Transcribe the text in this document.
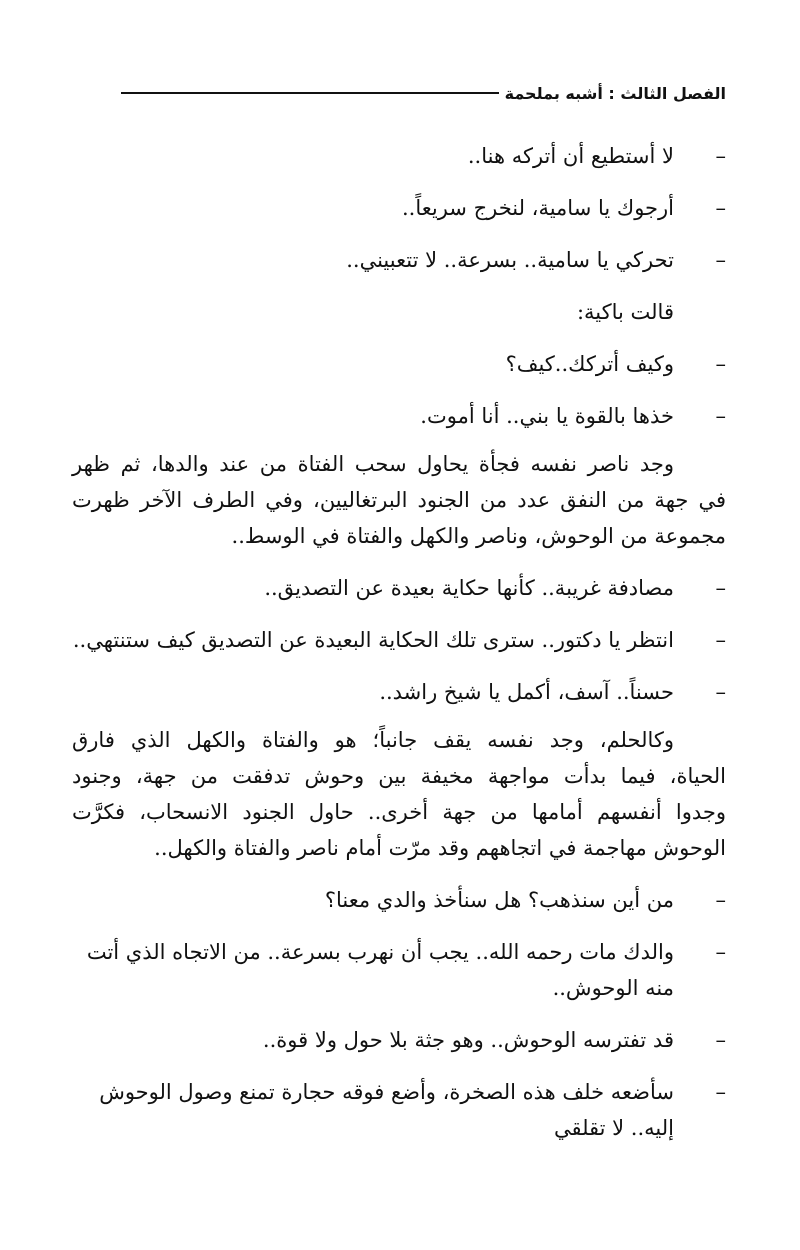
الفصل الثالث : أشبه بملحمة
–
لا أستطيع أن أتركه هنا..
–
أرجوك يا سامية، لنخرج سريعاً..
–
تحركي يا سامية.. بسرعة.. لا تتعبيني..
قالت باكية:
–
وكيف أتركك..كيف؟
–
خذها بالقوة يا بني.. أنا أموت.

وجد ناصر نفسه فجأة يحاول سحب الفتاة من عند والدها، ثم ظهر
في جهة من النفق عدد من الجنود البرتغاليين، وفي الطرف الآخر ظهرت
مجموعة من الوحوش، وناصر والكهل والفتاة في الوسط..

–
مصادفة غريبة.. كأنها حكاية بعيدة عن التصديق..
–
انتظر يا دكتور.. سترى تلك الحكاية البعيدة عن التصديق كيف ستنتهي..
–
حسناً.. آسف، أكمل يا شيخ راشد..

وكالحلم، وجد نفسه يقف جانباً؛ هو والفتاة والكهل الذي فارق
الحياة، فيما بدأت مواجهة مخيفة بين وحوش تدفقت من جهة، وجنود
وجدوا أنفسهم أمامها من جهة أخرى.. حاول الجنود الانسحاب، فكرَّت
الوحوش مهاجمة في اتجاههم وقد مرّت أمام ناصر والفتاة والكهل..

–
من أين سنذهب؟ هل سنأخذ والدي معنا؟
–
والدك مات رحمه الله.. يجب أن نهرب بسرعة.. من الاتجاه الذي أتت
منه الوحوش..
–
قد تفترسه الوحوش.. وهو جثة بلا حول ولا قوة..
–
سأضعه خلف هذه الصخرة، وأضع فوقه حجارة تمنع وصول الوحوش
إليه.. لا تقلقي
